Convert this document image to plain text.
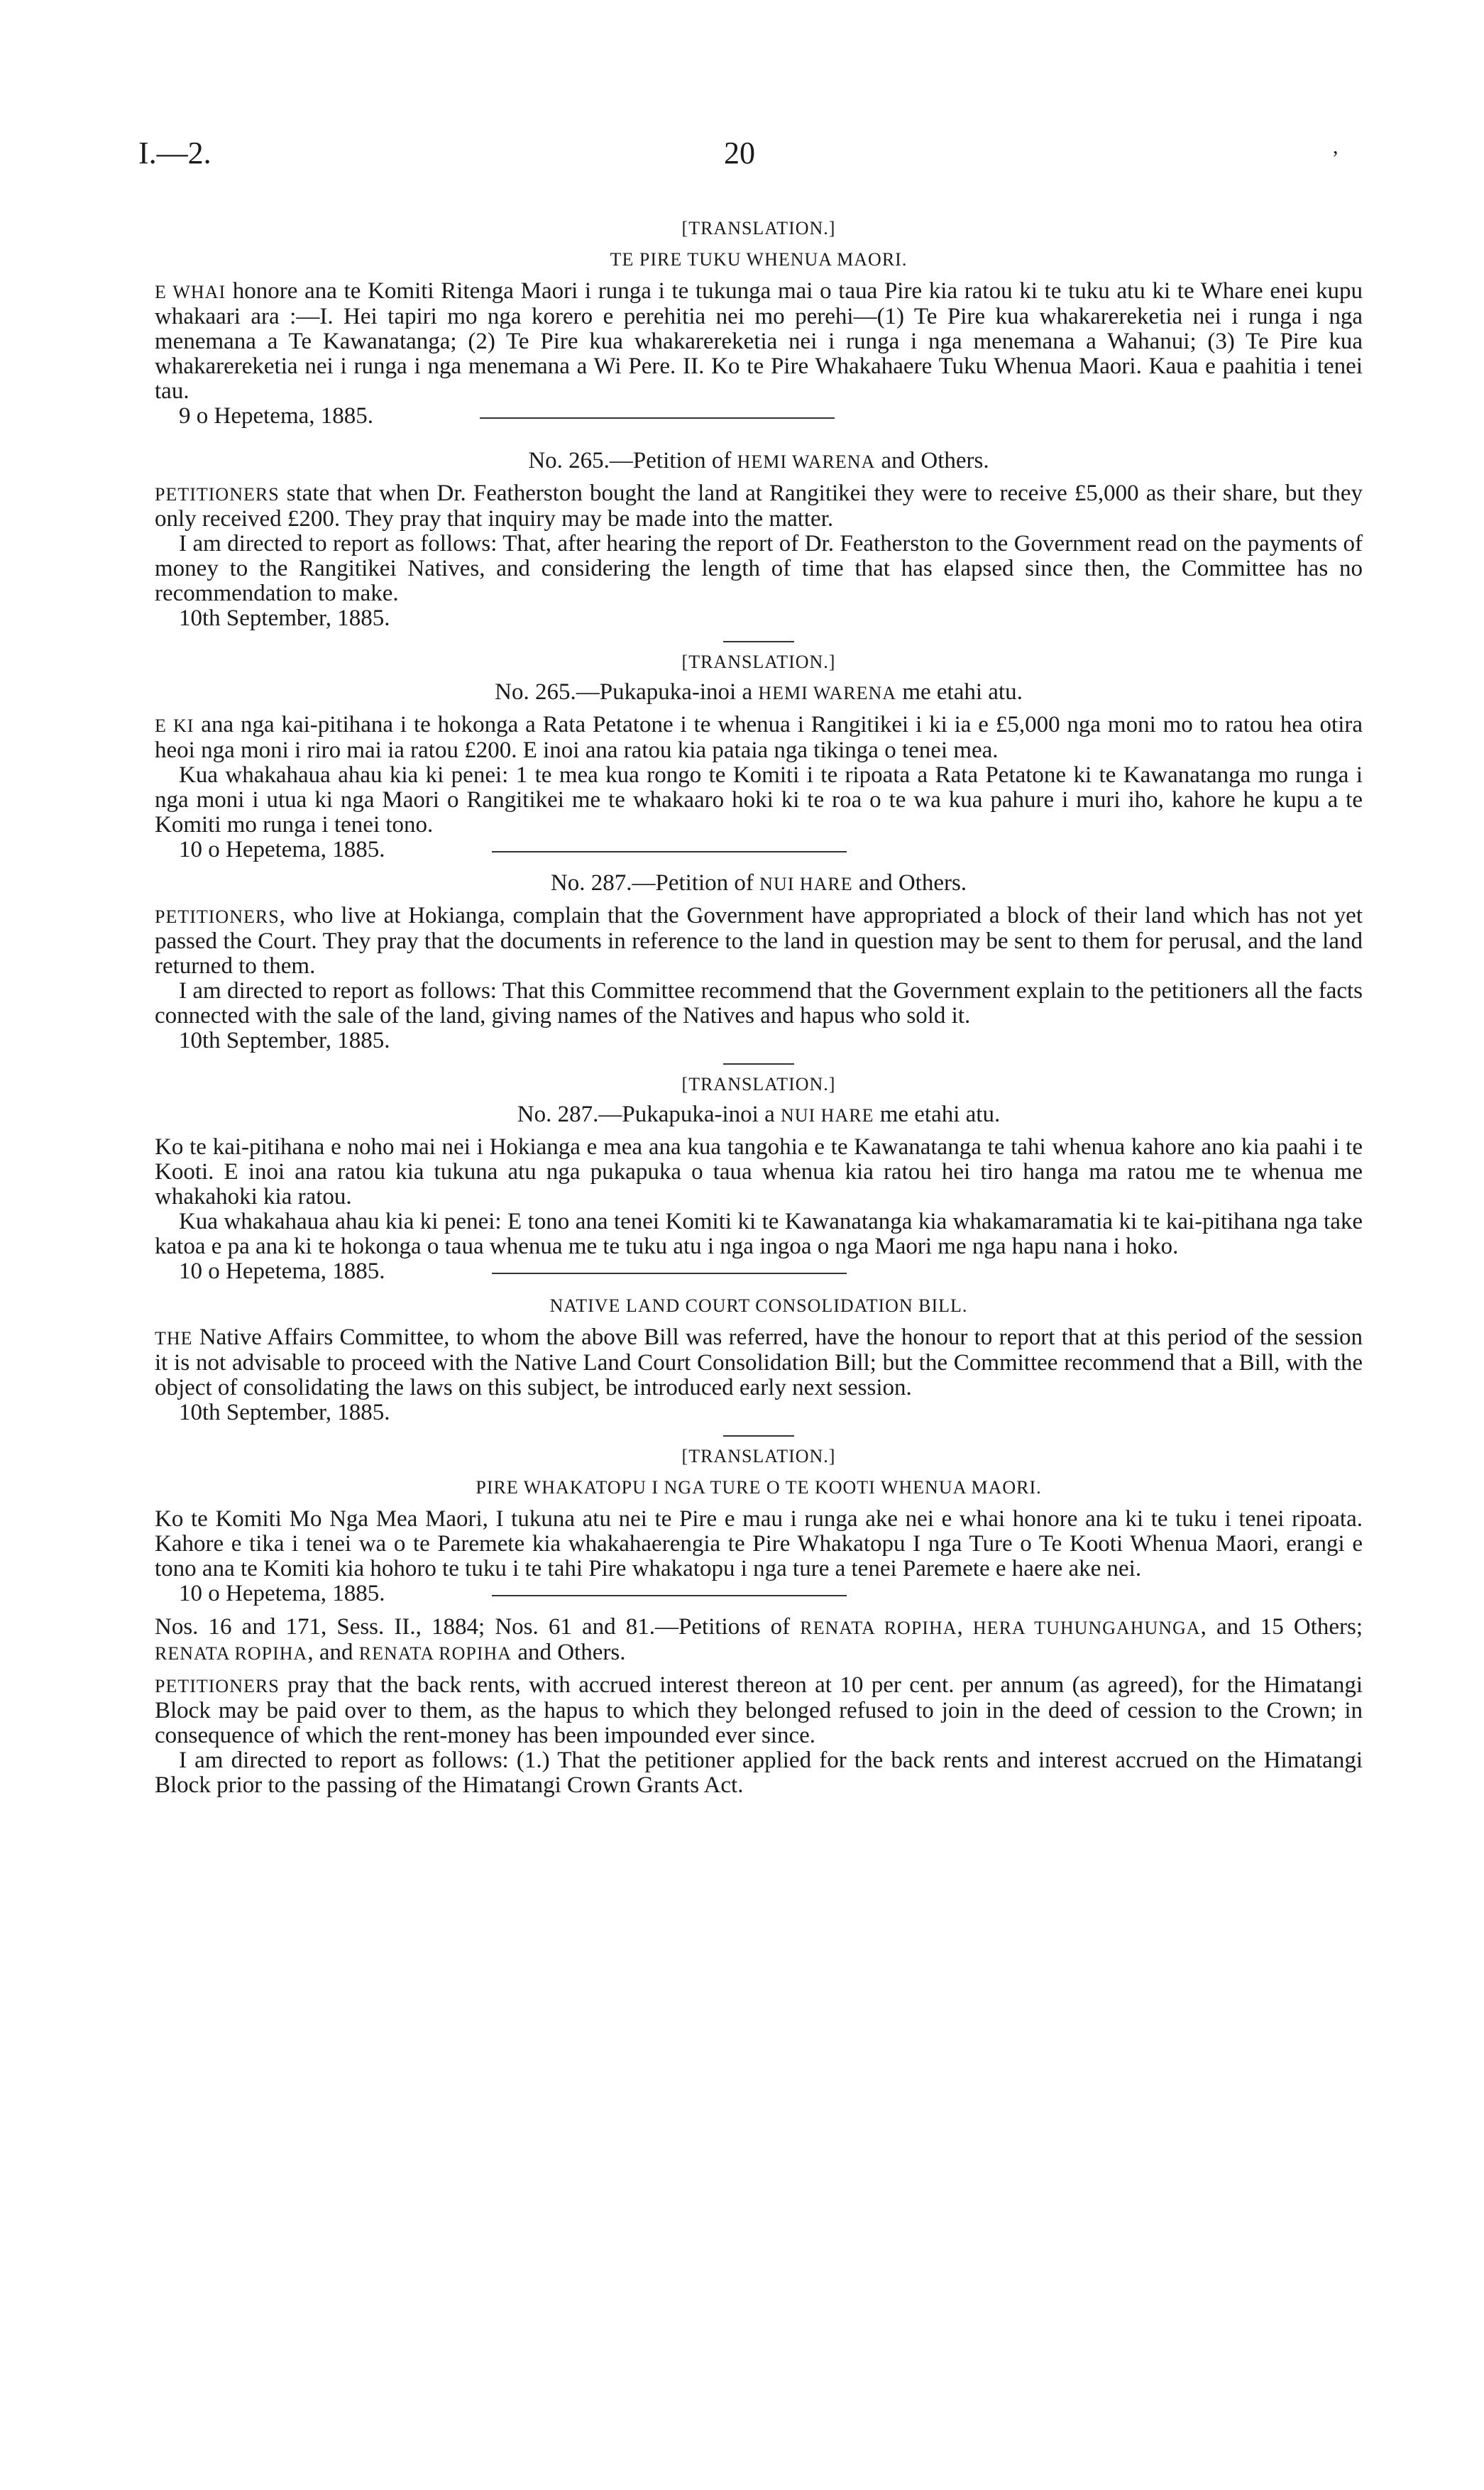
I.—2.	20	,
[TRANSLATION.]
TE PIRE TUKU WHENUA MAORI.

E WHAI honore ana te Komiti Ritenga Maori i runga i te tukunga mai o taua Pire kia ratou ki te tuku atu ki te Whare enei kupu whakaari ara :—I. Hei tapiri mo nga korero e perehitia nei mo perehi—(1) Te Pire kua whakarereketia nei i runga i nga menemana a Te Kawanatanga; (2) Te Pire kua whakarereketia nei i runga i nga menemana a Wahanui; (3) Te Pire kua whakarereketia nei i runga i nga menemana a Wi Pere. II. Ko te Pire Whakahaere Tuku Whenua Maori. Kaua e paahitia i tenei tau.

9 o Hepetema, 1885.
No. 265.—Petition of HEMI WARENA and Others.

PETITIONERS state that when Dr. Featherston bought the land at Rangitikei they were to receive £5,000 as their share, but they only received £200. They pray that inquiry may be made into the matter.

I am directed to report as follows: That, after hearing the report of Dr. Featherston to the Government read on the payments of money to the Rangitikei Natives, and considering the length of time that has elapsed since then, the Committee has no recommendation to make.

10th September, 1885.
[TRANSLATION.]
No. 265.—Pukapuka-inoi a HEMI WARENA me etahi atu.

E KI ana nga kai-pitihana i te hokonga a Rata Petatone i te whenua i Rangitikei i ki ia e £5,000 nga moni mo to ratou hea otira heoi nga moni i riro mai ia ratou £200. E inoi ana ratou kia pataia nga tikinga o tenei mea.

Kua whakahaua ahau kia ki penei: 1 te mea kua rongo te Komiti i te ripoata a Rata Petatone ki te Kawanatanga mo runga i nga moni i utua ki nga Maori o Rangitikei me te whakaaro hoki ki te roa o te wa kua pahure i muri iho, kahore he kupu a te Komiti mo runga i tenei tono.

10 o Hepetema, 1885.
No. 287.—Petition of NUI HARE and Others.

PETITIONERS, who live at Hokianga, complain that the Government have appropriated a block of their land which has not yet passed the Court. They pray that the documents in reference to the land in question may be sent to them for perusal, and the land returned to them.

I am directed to report as follows: That this Committee recommend that the Government explain to the petitioners all the facts connected with the sale of the land, giving names of the Natives and hapus who sold it.

10th September, 1885.
[TRANSLATION.]
No. 287.—Pukapuka-inoi a NUI HARE me etahi atu.

Ko te kai-pitihana e noho mai nei i Hokianga e mea ana kua tangohia e te Kawanatanga te tahi whenua kahore ano kia paahi i te Kooti. E inoi ana ratou kia tukuna atu nga pukapuka o taua whenua kia ratou hei tiro hanga ma ratou me te whenua me whakahoki kia ratou.

Kua whakahaua ahau kia ki penei: E tono ana tenei Komiti ki te Kawanatanga kia whakamaramatia ki te kai-pitihana nga take katoa e pa ana ki te hokonga o taua whenua me te tuku atu i nga ingoa o nga Maori me nga hapu nana i hoko.

10 o Hepetema, 1885.
NATIVE LAND COURT CONSOLIDATION BILL.

THE Native Affairs Committee, to whom the above Bill was referred, have the honour to report that at this period of the session it is not advisable to proceed with the Native Land Court Consolidation Bill; but the Committee recommend that a Bill, with the object of consolidating the laws on this subject, be introduced early next session.

10th September, 1885.
[TRANSLATION.]
PIRE WHAKATOPU I NGA TURE O TE KOOTI WHENUA MAORI.

Ko te Komiti Mo Nga Mea Maori, I tukuna atu nei te Pire e mau i runga ake nei e whai honore ana ki te tuku i tenei ripoata. Kahore e tika i tenei wa o te Paremete kia whakahaerengia te Pire Whakatopu I nga Ture o Te Kooti Whenua Maori, erangi e tono ana te Komiti kia hohoro te tuku i te tahi Pire whakatopu i nga ture a tenei Paremete e haere ake nei.

10 o Hepetema, 1885.

Nos. 16 and 171, Sess. II., 1884; Nos. 61 and 81.—Petitions of RENATA ROPIHA, HERA TUHUNGAHUNGA, and 15 Others; RENATA ROPIHA, and RENATA ROPIHA and Others.

PETITIONERS pray that the back rents, with accrued interest thereon at 10 per cent. per annum (as agreed), for the Himatangi Block may be paid over to them, as the hapus to which they belonged refused to join in the deed of cession to the Crown; in consequence of which the rent-money has been impounded ever since.

I am directed to report as follows: (1.) That the petitioner applied for the back rents and interest accrued on the Himatangi Block prior to the passing of the Himatangi Crown Grants Act.
